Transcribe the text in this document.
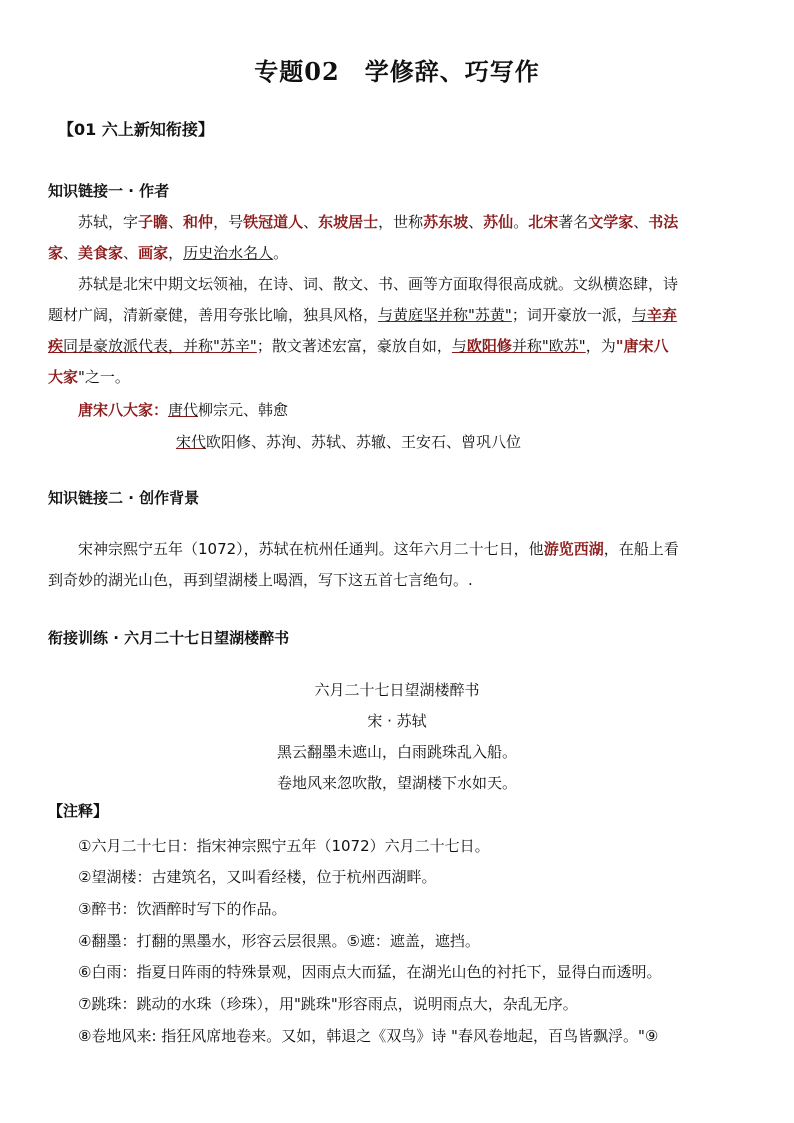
专题02　学修辞、巧写作
【01 六上新知衔接】
知识链接一 · 作者
苏轼，字子瞻、和仲，号铁冠道人、东坡居士，世称苏东坡、苏仙。北宋著名文学家、书法
家、美食家、画家，历史治水名人。
苏轼是北宋中期文坛领袖，在诗、词、散文、书、画等方面取得很高成就。文纵横恣肆，诗
题材广阔，清新豪健，善用夸张比喻，独具风格，与黄庭坚并称"苏黄"；词开豪放一派，与辛弃
疾同是豪放派代表，并称"苏辛"；散文著述宏富，豪放自如，与欧阳修并称"欧苏"，为"唐宋八
大家"之一。
唐宋八大家：唐代柳宗元、韩愈
宋代欧阳修、苏洵、苏轼、苏辙、王安石、曾巩八位
知识链接二 · 创作背景
宋神宗熙宁五年（1072），苏轼在杭州任通判。这年六月二十七日，他游览西湖，在船上看
到奇妙的湖光山色，再到望湖楼上喝酒，写下这五首七言绝句。.
衔接训练 · 六月二十七日望湖楼醉书
六月二十七日望湖楼醉书
宋 · 苏轼
黑云翻墨未遮山，白雨跳珠乱入船。
卷地风来忽吹散，望湖楼下水如天。
【注释】
①六月二十七日：指宋神宗熙宁五年（1072）六月二十七日。
②望湖楼：古建筑名，又叫看经楼，位于杭州西湖畔。
③醉书：饮酒醉时写下的作品。
④翻墨：打翻的黑墨水，形容云层很黑。⑤遮：遮盖，遮挡。
⑥白雨：指夏日阵雨的特殊景观，因雨点大而猛，在湖光山色的衬托下，显得白而透明。
⑦跳珠：跳动的水珠（珍珠），用"跳珠"形容雨点，说明雨点大，杂乱无序。
⑧卷地风来: 指狂风席地卷来。又如，韩退之《双鸟》诗 "春风卷地起，百鸟皆飘浮。"⑨
